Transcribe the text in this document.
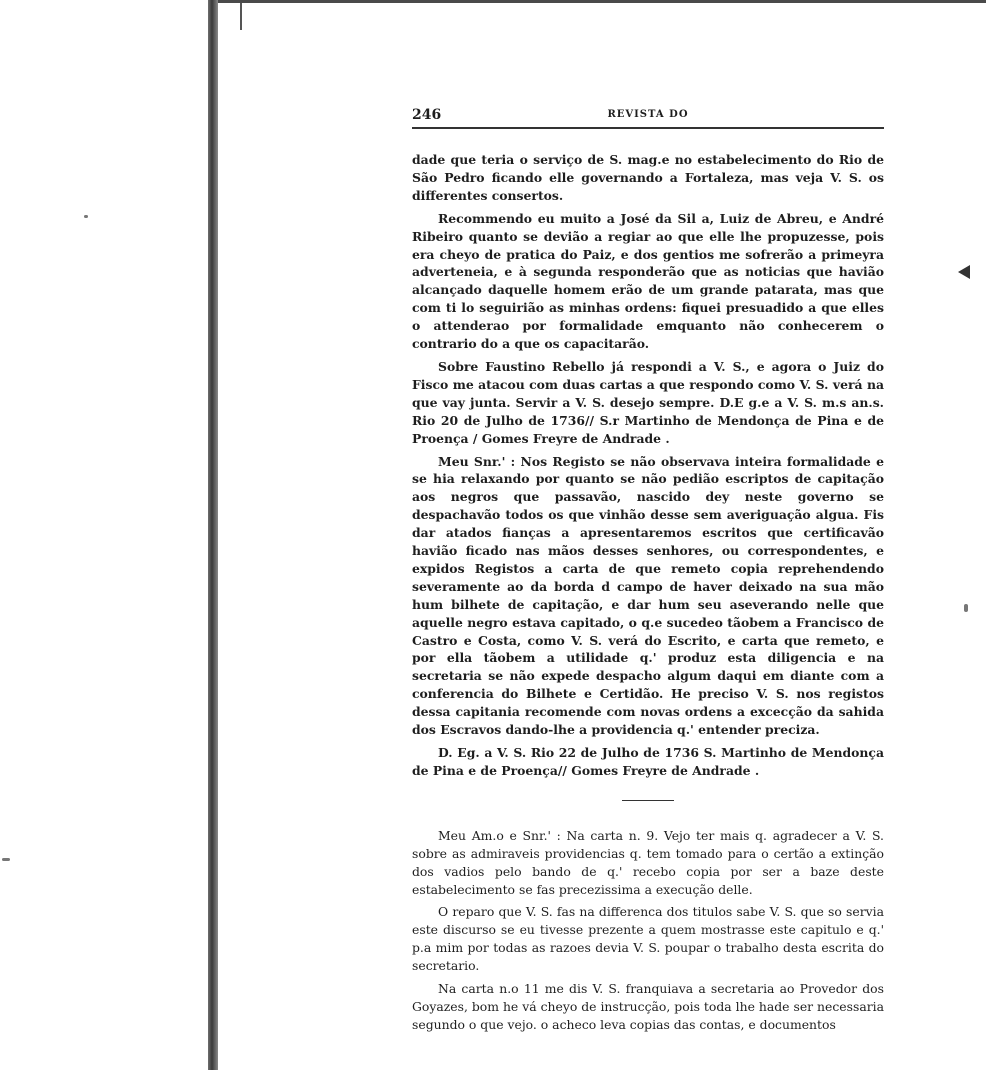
246	REVISTA DO

dade que teria o serviço de S. mag.e no estabelecimento do Rio de São Pedro ficando elle governando a Fortaleza, mas veja V. S. os differentes consertos.

Recommendo eu muito a José da Sil a, Luiz de Abreu, e André Ribeiro quanto se devião a regiar ao que elle lhe propuzesse, pois era cheyo de pratica do Paiz, e dos gentios me sofrerão a primeyra adverteneia, e à segunda responderão que as noticias que havião alcançado daquelle homem erão de um grande patarata, mas que com ti lo seguirião as minhas ordens: fiquei presuadido a que elles o attenderao por formalidade emquanto não conhecerem o contrario do a que os capacitarão.

Sobre Faustino Rebello já respondi a V. S., e agora o Juiz do Fisco me atacou com duas cartas a que respondo como V. S. verá na que vay junta. Servir a V. S. desejo sempre. D.E g.e a V. S. m.s an.s. Rio 20 de Julho de 1736// S.r Martinho de Mendonça de Pina e de Proença / Gomes Freyre de Andrade .

Meu Snr.' : Nos Registo se não observava inteira formalidade e se hia relaxando por quanto se não pedião escriptos de capitação aos negros que passavão, nascido dey neste governo se despachavão todos os que vinhão desse sem averiguação algua. Fis dar atados fianças a apresentaremos escritos que certificavão havião ficado nas mãos desses senhores, ou correspondentes, e expidos Registos a carta de que remeto copia reprehendendo severamente ao da borda d campo de haver deixado na sua mão hum bilhete de capitação, e dar hum seu aseverando nelle que aquelle negro estava capitado, o q.e sucedeo tãobem a Francisco de Castro e Costa, como V. S. verá do Escrito, e carta que remeto, e por ella tãobem a utilidade q.' produz esta diligencia e na secretaria se não expede despacho algum daqui em diante com a conferencia do Bilhete e Certidão. He preciso V. S. nos registos dessa capitania recomende com novas ordens a excecção da sahida dos Escravos dando-lhe a providencia q.' entender preciza.

D. Eg. a V. S. Rio 22 de Julho de 1736 S. Martinho de Mendonça de Pina e de Proença// Gomes Freyre de Andrade .

Meu Am.o e Snr.' : Na carta n. 9. Vejo ter mais q. agradecer a V. S. sobre as admiraveis providencias q. tem tomado para o certão a extinção dos vadios pelo bando de q.' recebo copia por ser a baze deste estabelecimento se fas precezissima a execução delle.

O reparo que V. S. fas na differenca dos titulos sabe V. S. que so servia este discurso se eu tivesse prezente a quem mostrasse este capitulo e q.' p.a mim por todas as razoes devia V. S. poupar o trabalho desta escrita do secretario.

Na carta n.o 11 me dis V. S. franquiava a secretaria ao Provedor dos Goyazes, bom he vá cheyo de instrucção, pois toda lhe hade ser necessaria segundo o que vejo. o acheco leva copias das contas, e documentos
